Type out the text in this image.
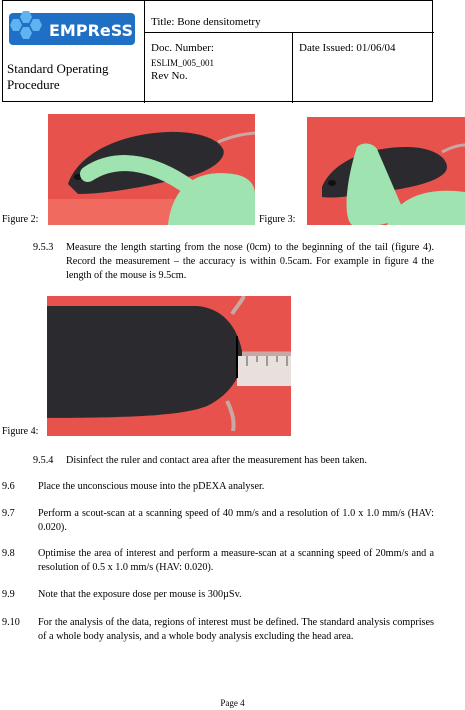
EMPReSS
Standard Operating Procedure
Title: Bone densitometry
Doc. Number:
ESLIM_005_001
Rev No.
Date Issued: 01/06/04
Figure 2:	Figure 3:
9.5.3 Measure the length starting from the nose (0cm) to the beginning of the tail (figure 4). Record the measurement – the accuracy is within 0.5cam. For example in figure 4 the length of the mouse is 9.5cm.
Figure 4:
9.5.4 Disinfect the ruler and contact area after the measurement has been taken.
9.6 Place the unconscious mouse into the pDEXA analyser.
9.7 Perform a scout-scan at a scanning speed of 40 mm/s and a resolution of 1.0 x 1.0 mm/s (HAV: 0.020).
9.8 Optimise the area of interest and perform a measure-scan at a scanning speed of 20mm/s and a resolution of 0.5 x 1.0 mm/s (HAV: 0.020).
9.9 Note that the exposure dose per mouse is 300µSv.
9.10 For the analysis of the data, regions of interest must be defined. The standard analysis comprises of a whole body analysis, and a whole body analysis excluding the head area.
Page 4
